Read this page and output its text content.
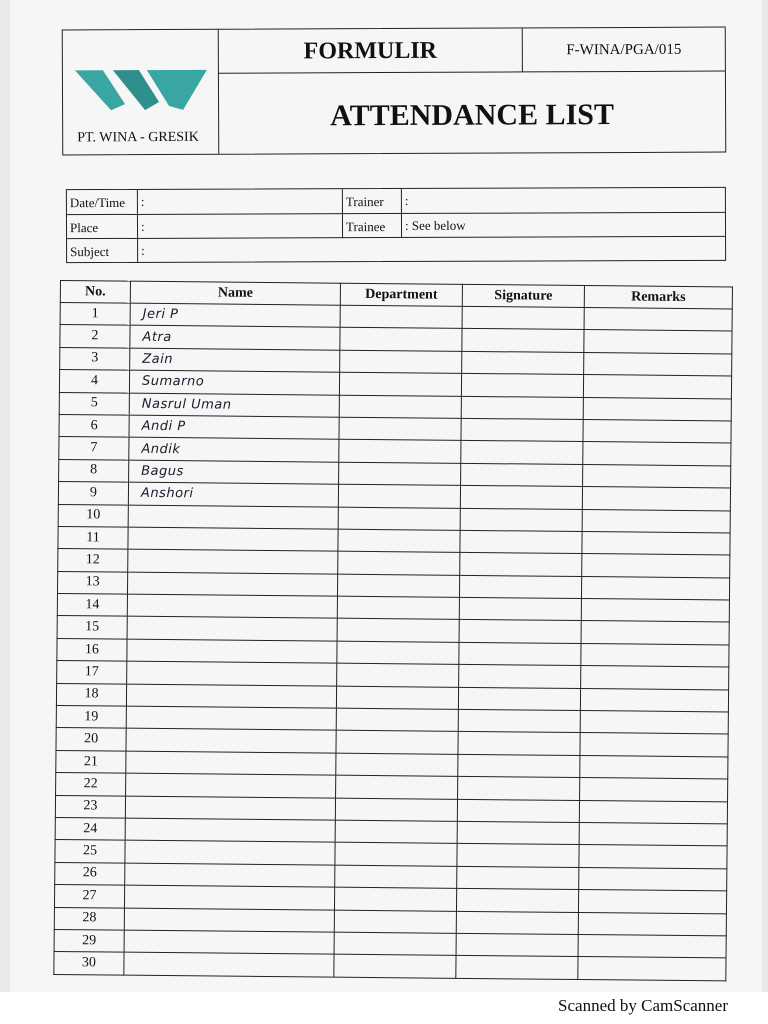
PT. WINA - GRESIK
FORMULIR	F-WINA/PGA/015
ATTENDANCE LIST
Date/Time	:	Trainer	:
Place	:	Trainee	: See below
Subject	:
No.	Name	Department	Signature	Remarks
1	Jeri P			
2	Atra			
3	Zain			
4	Sumarno			
5	Nasrul Uman			
6	Andi P			
7	Andik			
8	Bagus			
9	Anshori			
10				
11				
12				
13				
14				
15				
16				
17				
18				
19				
20				
21				
22				
23				
24				
25				
26				
27				
28				
29				
30				
Scanned by CamScanner
